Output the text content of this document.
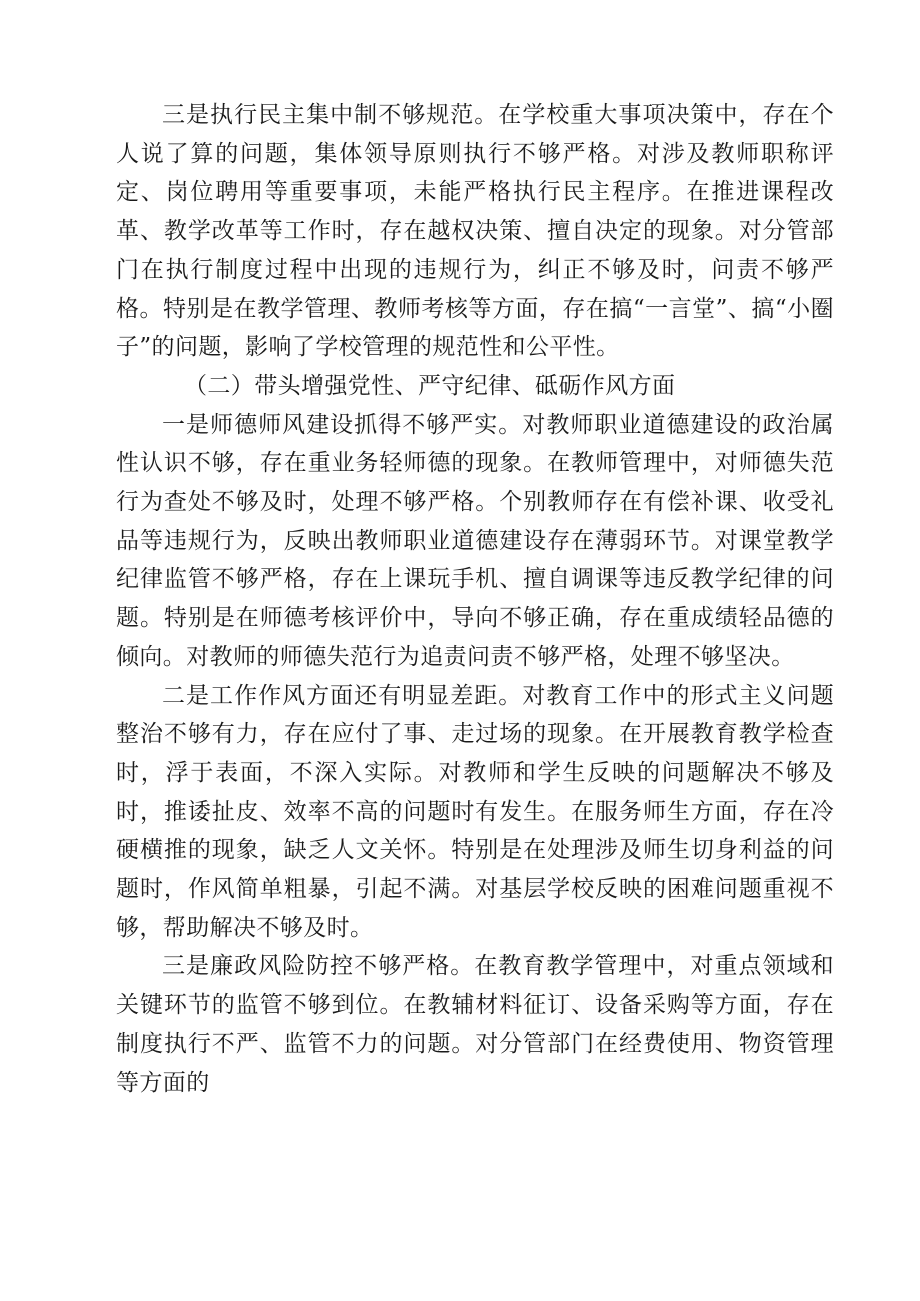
三是执行民主集中制不够规范。在学校重大事项决策中，存在个人说了算的问题，集体领导原则执行不够严格。对涉及教师职称评定、岗位聘用等重要事项，未能严格执行民主程序。在推进课程改革、教学改革等工作时，存在越权决策、擅自决定的现象。对分管部门在执行制度过程中出现的违规行为，纠正不够及时，问责不够严格。特别是在教学管理、教师考核等方面，存在搞“一言堂”、搞“小圈子”的问题，影响了学校管理的规范性和公平性。

（二）带头增强党性、严守纪律、砥砺作风方面

一是师德师风建设抓得不够严实。对教师职业道德建设的政治属性认识不够，存在重业务轻师德的现象。在教师管理中，对师德失范行为查处不够及时，处理不够严格。个别教师存在有偿补课、收受礼品等违规行为，反映出教师职业道德建设存在薄弱环节。对课堂教学纪律监管不够严格，存在上课玩手机、擅自调课等违反教学纪律的问题。特别是在师德考核评价中，导向不够正确，存在重成绩轻品德的倾向。对教师的师德失范行为追责问责不够严格，处理不够坚决。

二是工作作风方面还有明显差距。对教育工作中的形式主义问题整治不够有力，存在应付了事、走过场的现象。在开展教育教学检查时，浮于表面，不深入实际。对教师和学生反映的问题解决不够及时，推诿扯皮、效率不高的问题时有发生。在服务师生方面，存在冷硬横推的现象，缺乏人文关怀。特别是在处理涉及师生切身利益的问题时，作风简单粗暴，引起不满。对基层学校反映的困难问题重视不够，帮助解决不够及时。

三是廉政风险防控不够严格。在教育教学管理中，对重点领域和关键环节的监管不够到位。在教辅材料征订、设备采购等方面，存在制度执行不严、监管不力的问题。对分管部门在经费使用、物资管理等方面的
